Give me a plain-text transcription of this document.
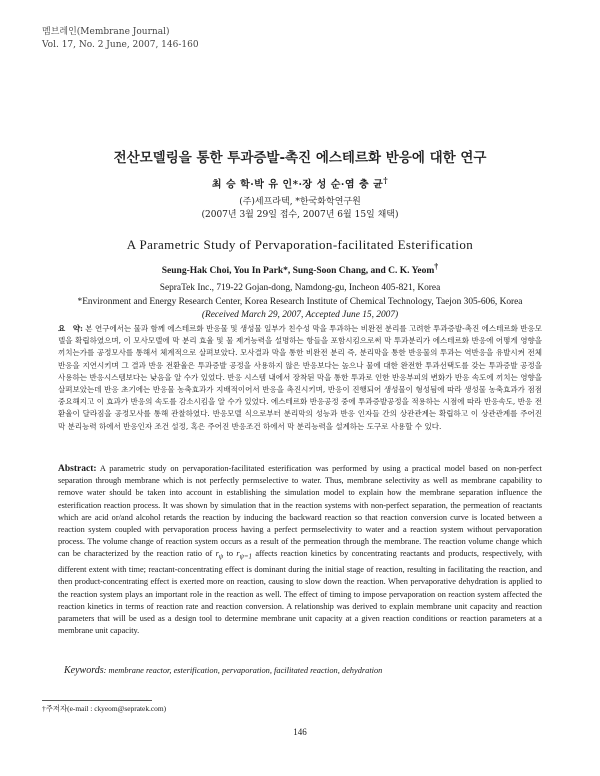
멤브레인(Membrane Journal)
Vol. 17, No. 2 June, 2007, 146-160
전산모델링을 통한 투과증발-촉진 에스테르화 반응에 대한 연구
최 승 학·박 유 인*·장 성 순·염 충 균†
(주)세프라텍, *한국화학연구원
(2007년 3월 29일 접수, 2007년 6월 15일 채택)
A Parametric Study of Pervaporation-facilitated Esterification
Seung-Hak Choi, You In Park*, Sung-Soon Chang, and C. K. Yeom†
SepraTek Inc., 719-22 Gojan-dong, Namdong-gu, Incheon 405-821, Korea
*Environment and Energy Research Center, Korea Research Institute of Chemical Technology, Taejon 305-606, Korea
(Received March 29, 2007, Accepted June 15, 2007)
요　약: 본 연구에서는 물과 함께 에스테르화 반응물 및 생성물 일부가 친수성 막을 투과하는 비완전 분리를 고려한 투과증발-촉진 에스테르화 반응모델을 확립하였으며, 이 모사모델에 막 분리 효율 및 물 제거능력을 설명하는 항들을 포함시킴으로써 막 투과분리가 에스테르화 반응에 어떻게 영향을 끼치는가를 공정모사를 통해서 체계적으로 살펴보았다. 모사결과 막을 통한 비완전 분리 즉, 분리막을 통한 반응물의 투과는 역반응을 유발시켜 전체 반응을 지연시키며 그 결과 반응 전환율은 투과증발 공정을 사용하지 않은 반응보다는 높으나 물에 대한 완전한 투과선택도를 갖는 투과증발 공정을 사용하는 반응시스템보다는 낮음을 알 수가 있었다. 반응 시스템 내에서 장착된 막을 통한 투과로 인한 반응부피의 변화가 반응 속도에 끼치는 영향을 살펴보았는데 반응 초기에는 반응물 농축효과가 지배적이어서 반응을 촉진시키며, 반응이 진행되어 생성물이 형성됨에 따라 생성물 농축효과가 점점 중요해지고 이 효과가 반응의 속도를 감소시킴을 알 수가 있었다. 에스테르화 반응공정 중에 투과증발공정을 적용하는 시점에 따라 반응속도, 반응 전환율이 달라짐을 공정모사를 통해 관찰하였다. 반응모델 식으로부터 분리막의 성능과 반응 인자들 간의 상관관계는 확립하고 이 상관관계를 주어진 막 분리능력 하에서 반응인자 조건 설정, 혹은 주어진 반응조건 하에서 막 분리능력을 설계하는 도구로 사용할 수 있다.
Abstract: A parametric study on pervaporation-facilitated esterification was performed by using a practical model based on non-perfect separation through membrane which is not perfectly permselective to water. Thus, membrane selectivity as well as membrane capability to remove water should be taken into account in establishing the simulation model to explain how the membrane separation influence the esterification reaction process. It was shown by simulation that in the reaction systems with non-perfect separation, the permeation of reactants which are acid or/and alcohol retards the reaction by inducing the backward reaction so that reaction conversion curve is located between a reaction system coupled with pervaporation process having a perfect permselectivity to water and a reaction system without pervaporation process. The volume change of reaction system occurs as a result of the permeation through the membrane. The reaction volume change which can be characterized by the reaction ratio of $r_\psi$ to $r_{\psi=1}$ affects reaction kinetics by concentrating reactants and products, respectively, with different extent with time; reactant-concentrating effect is dominant during the initial stage of reaction, resulting in facilitating the reaction, and then product-concentrating effect is exerted more on reaction, causing to slow down the reaction. When pervaporative dehydration is applied to the reaction system plays an important role in the reaction as well. The effect of timing to impose pervaporation on reaction system affected the reaction kinetics in terms of reaction rate and reaction conversion. A relationship was derived to explain membrane unit capacity and reaction parameters that will be used as a design tool to determine membrane unit capacity at a given reaction conditions or reaction parameters at a membrane unit capacity.
Keywords: membrane reactor, esterification, pervaporation, facilitated reaction, dehydration
†주저자(e-mail : ckyeom@sepratek.com)
146
